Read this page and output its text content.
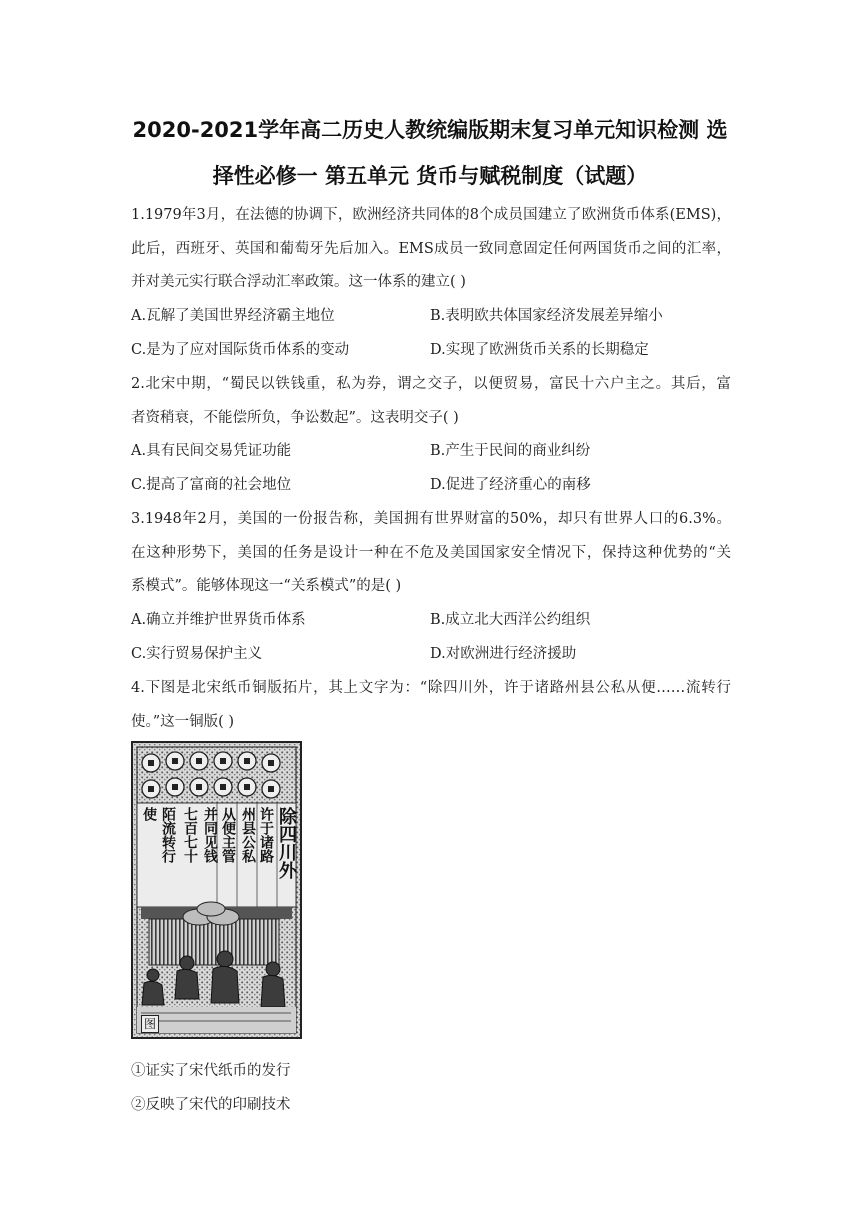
2020-2021学年高二历史人教统编版期末复习单元知识检测 选
择性必修一 第五单元 货币与赋税制度（试题）
1.1979年3月，在法德的协调下，欧洲经济共同体的8个成员国建立了欧洲货币体系(EMS)，
此后，西班牙、英国和葡萄牙先后加入。EMS成员一致同意固定任何两国货币之间的汇率，
并对美元实行联合浮动汇率政策。这一体系的建立( )
A.瓦解了美国世界经济霸主地位	B.表明欧共体国家经济发展差异缩小
C.是为了应对国际货币体系的变动	D.实现了欧洲货币关系的长期稳定
2.北宋中期，“蜀民以铁钱重，私为券，谓之交子，以便贸易，富民十六户主之。其后，富
者资稍衰，不能偿所负，争讼数起”。这表明交子( )
A.具有民间交易凭证功能	B.产生于民间的商业纠纷
C.提高了富商的社会地位	D.促进了经济重心的南移
3.1948年2月，美国的一份报告称，美国拥有世界财富的50%，却只有世界人口的6.3%。
在这种形势下，美国的任务是设计一种在不危及美国国家安全情况下，保持这种优势的“关
系模式”。能够体现这一“关系模式”的是( )
A.确立并维护世界货币体系	B.成立北大西洋公约组织
C.实行贸易保护主义	D.对欧洲进行经济援助
4.下图是北宋纸币铜版拓片，其上文字为：“除四川外，许于诸路州县公私从便……流转行
使。”这一铜版( )
除四川外
许于诸路
州县公私
从便主管
并同见钱
七百七十
陌流转行
使
图
①证实了宋代纸币的发行
②反映了宋代的印刷技术
